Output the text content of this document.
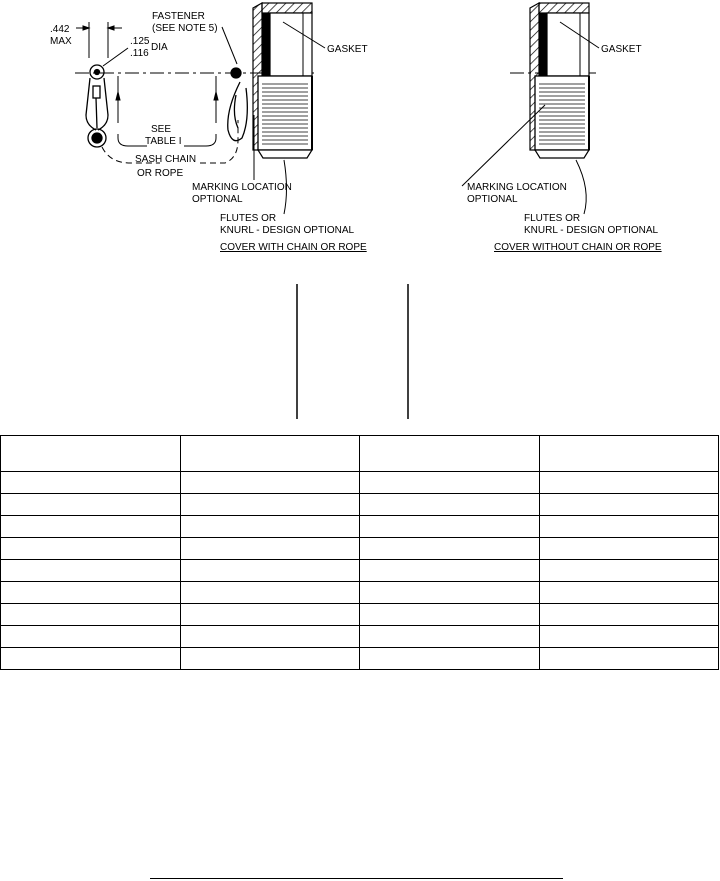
.442
MAX	.125
.116
DIA
SEE
TABLE I
SASH CHAIN
OR ROPE
FASTENER
(SEE NOTE 5)
GASKET
MARKING LOCATION
OPTIONAL
FLUTES OR
KNURL - DESIGN OPTIONAL
COVER WITH CHAIN OR ROPE
GASKET
MARKING LOCATION
OPTIONAL
FLUTES OR
KNURL - DESIGN OPTIONAL
COVER WITHOUT CHAIN OR ROPE
